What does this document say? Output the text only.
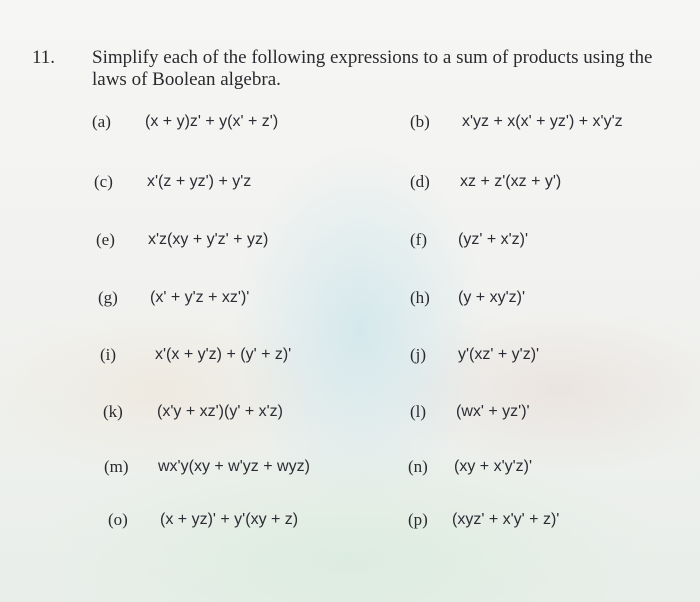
11. Simplify each of the following expressions to a sum of products using the laws of Boolean algebra.
(a) (x + y)z' + y(x' + z')	(b) x'yz + x(x' + yz') + x'y'z
(c) x'(z + yz') + y'z	(d) xz + z'(xz + y')
(e) x'z(xy + y'z' + yz)	(f) (yz' + x'z)'
(g) (x' + y'z + xz')'	(h) (y + xy'z)'
(i) x'(x + y'z) + (y' + z)'	(j) y'(xz' + y'z)'
(k) (x'y + xz')(y' + x'z)	(l) (wx' + yz')'
(m) wx'y(xy + w'yz + wyz)	(n) (xy + x'y'z)'
(o) (x + yz)' + y'(xy + z)	(p) (xyz' + x'y' + z)'
